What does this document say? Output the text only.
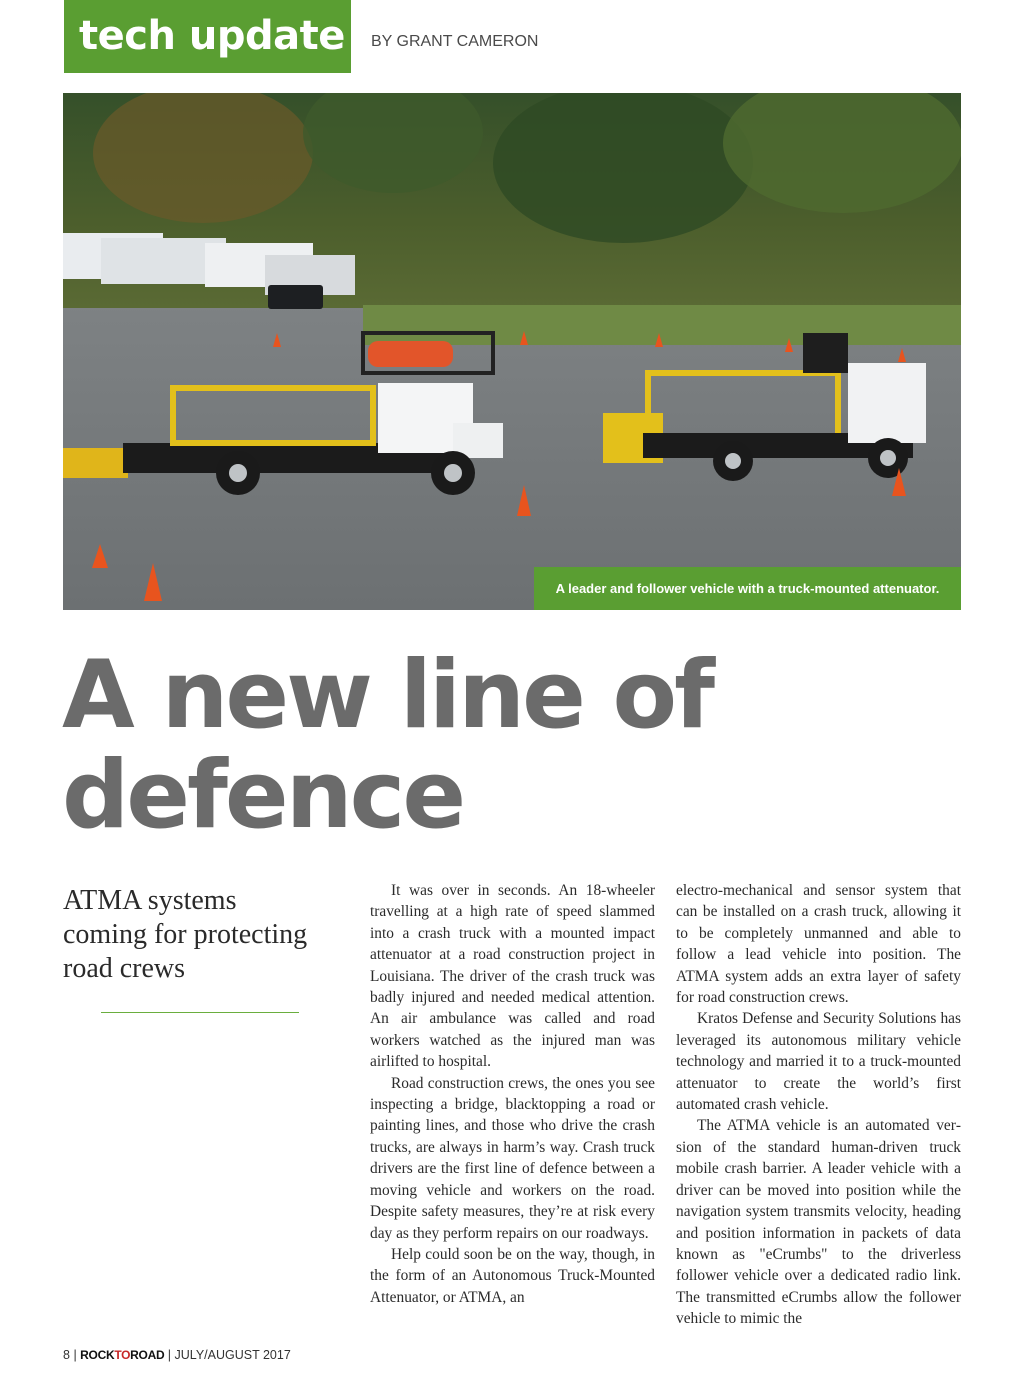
tech update	BY GRANT CAMERON
A leader and follower vehicle with a truck-mounted attenuator.
A new line of
defence
ATMA systems
coming for protecting
road crews

It was over in seconds. An 18-wheeler travelling at a high rate of speed slammed into a crash truck with a mounted impact attenuator at a road construction project in Louisiana. The driver of the crash truck was badly injured and needed medical attention. An air ambulance was called and road workers watched as the injured man was airlifted to hospital.

Road construction crews, the ones you see inspecting a bridge, blacktopping a road or painting lines, and those who drive the crash trucks, are always in harm’s way. Crash truck drivers are the first line of defence between a moving vehicle and workers on the road. Despite safety measures, they’re at risk every day as they perform repairs on our roadways.

Help could soon be on the way, though, in the form of an Autonomous Truck-Mounted Attenuator, or ATMA, an

electro-mechanical and sensor system that can be installed on a crash truck, allowing it to be completely unmanned and able to follow a lead vehicle into position. The ATMA system adds an extra layer of safety for road construction crews.

Kratos Defense and Security Solutions has leveraged its autonomous military vehicle technology and married it to a truck-mounted attenuator to create the world’s first automated crash vehicle.

The ATMA vehicle is an automated version of the standard human-driven truck mobile crash barrier. A leader vehicle with a driver can be moved into position while the navigation system transmits velocity, heading and position information in packets of data known as "eCrumbs" to the driverless follower vehicle over a dedicated radio link. The transmitted eCrumbs allow the follower vehicle to mimic the

8 | ROCKTOROAD | JULY/AUGUST 2017
